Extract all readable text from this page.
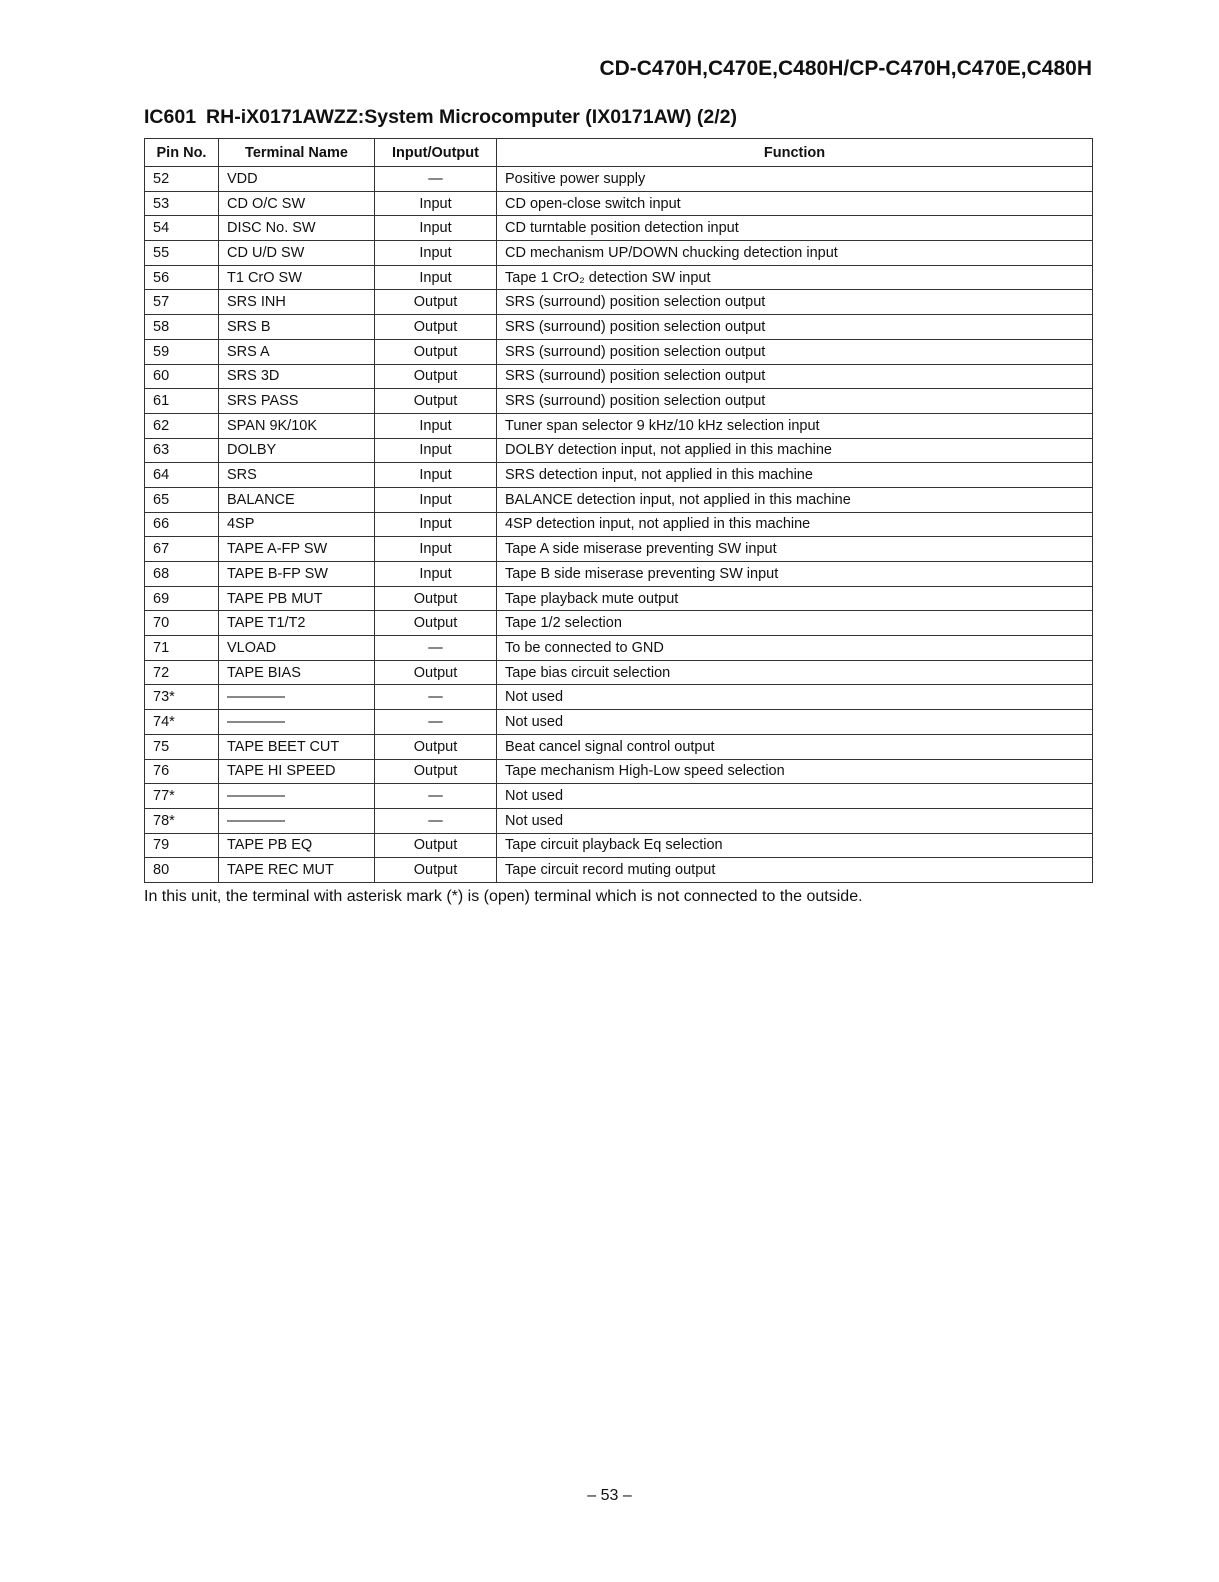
CD-C470H,C470E,C480H/CP-C470H,C470E,C480H
IC601 RH-iX0171AWZZ:System Microcomputer (IX0171AW) (2/2)
Pin No.	Terminal Name	Input/Output	Function
52	VDD	—	Positive power supply
53	CD O/C SW	Input	CD open-close switch input
54	DISC No. SW	Input	CD turntable position detection input
55	CD U/D SW	Input	CD mechanism UP/DOWN chucking detection input
56	T1 CrO SW	Input	Tape 1 CrO₂ detection SW input
57	SRS INH	Output	SRS (surround) position selection output
58	SRS B	Output	SRS (surround) position selection output
59	SRS A	Output	SRS (surround) position selection output
60	SRS 3D	Output	SRS (surround) position selection output
61	SRS PASS	Output	SRS (surround) position selection output
62	SPAN 9K/10K	Input	Tuner span selector 9 kHz/10 kHz selection input
63	DOLBY	Input	DOLBY detection input, not applied in this machine
64	SRS	Input	SRS detection input, not applied in this machine
65	BALANCE	Input	BALANCE detection input, not applied in this machine
66	4SP	Input	4SP detection input, not applied in this machine
67	TAPE A-FP SW	Input	Tape A side miserase preventing SW input
68	TAPE B-FP SW	Input	Tape B side miserase preventing SW input
69	TAPE PB MUT	Output	Tape playback mute output
70	TAPE T1/T2	Output	Tape 1/2 selection
71	VLOAD	—	To be connected to GND
72	TAPE BIAS	Output	Tape bias circuit selection
73*	————	—	Not used
74*	————	—	Not used
75	TAPE BEET CUT	Output	Beat cancel signal control output
76	TAPE HI SPEED	Output	Tape mechanism High-Low speed selection
77*	————	—	Not used
78*	————	—	Not used
79	TAPE PB EQ	Output	Tape circuit playback Eq selection
80	TAPE REC MUT	Output	Tape circuit record muting output
In this unit, the terminal with asterisk mark (*) is (open) terminal which is not connected to the outside.
– 53 –
